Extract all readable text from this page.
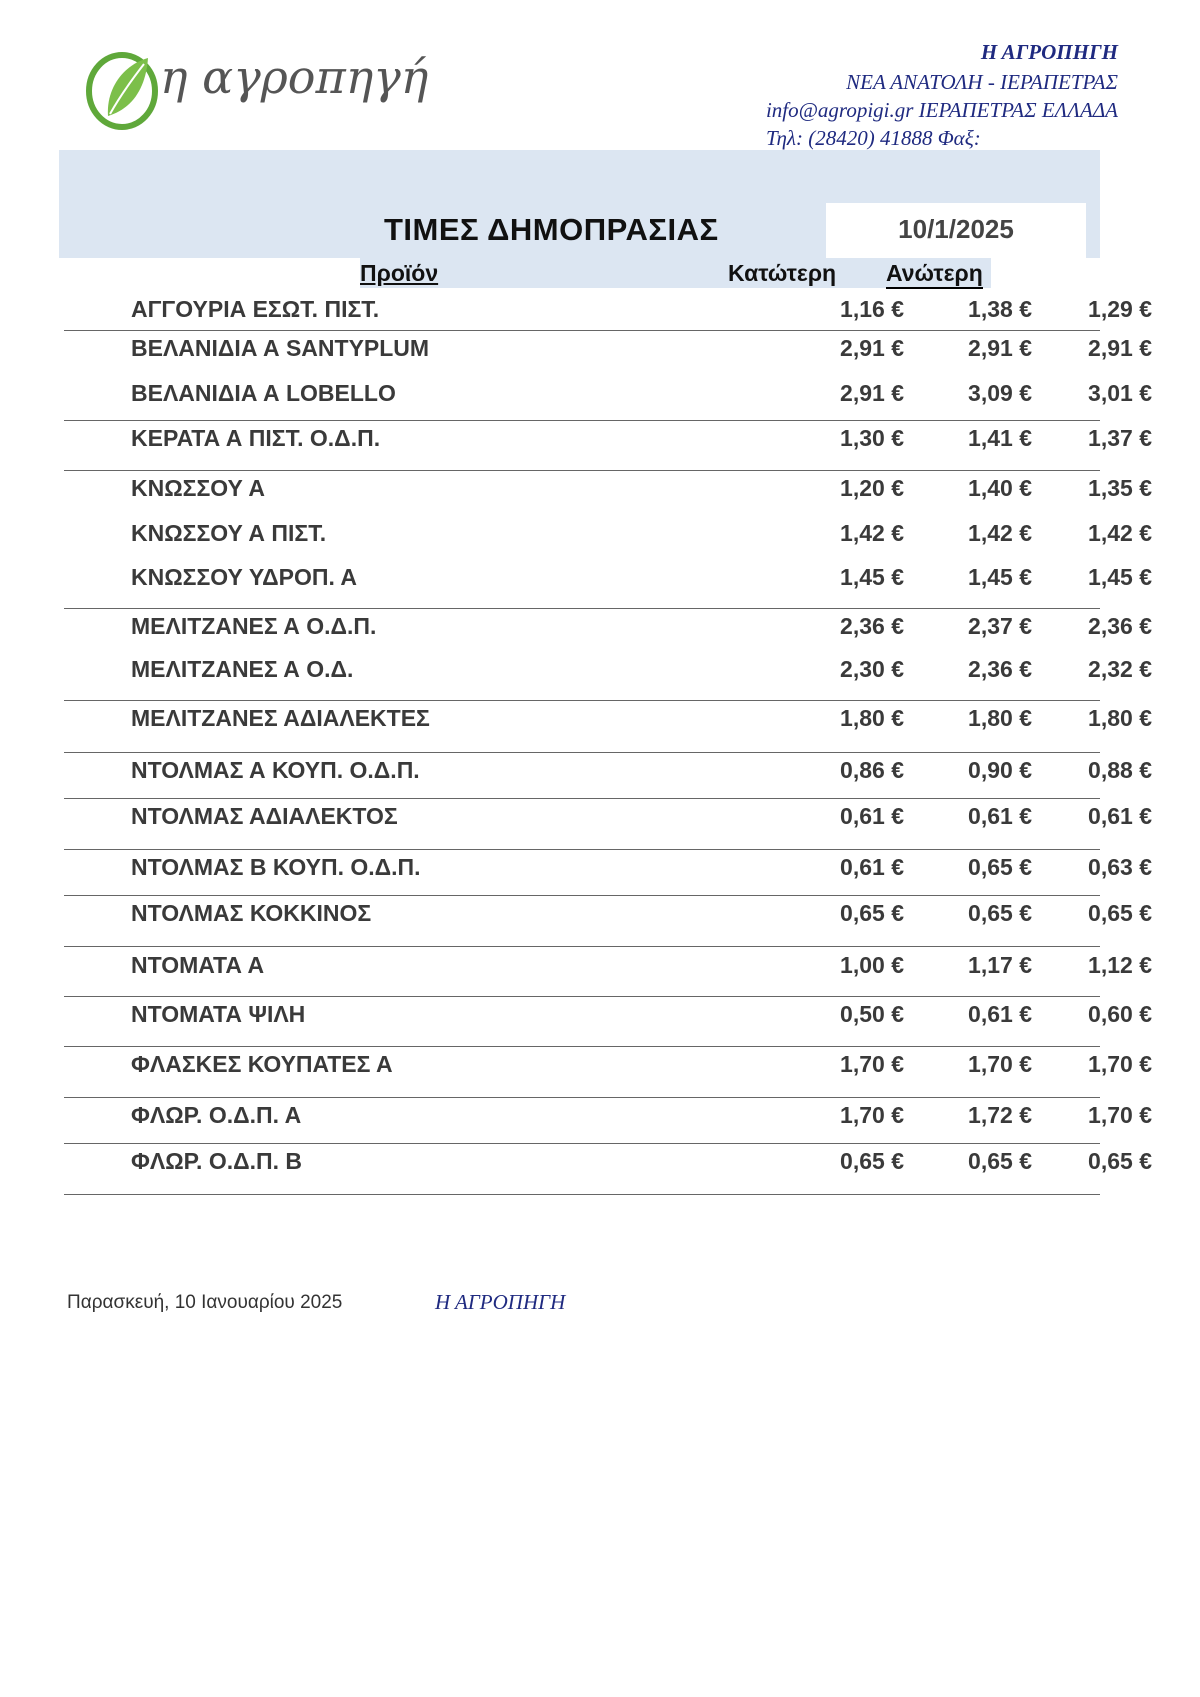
η αγροπηγή	Η ΑΓΡΟΠΗΓΗ
ΝΕΑ ΑΝΑΤΟΛΗ - ΙΕΡΑΠΕΤΡΑΣ
info@agropigi.gr ΙΕΡΑΠΕΤΡΑΣ ΕΛΛΑΔΑ
Τηλ: (28420) 41888 Φαξ:
10/1/2025
ΤΙΜΕΣ ΔΗΜΟΠΡΑΣΙΑΣ
Προϊόν	Κατώτερη Ανώτερη
ΑΓΓΟΥΡΙΑ ΕΣΩΤ. ΠΙΣΤ.	1,16 €	1,38 €	1,29 €
ΒΕΛΑΝΙΔΙΑ Α SANTYPLUM	2,91 €	2,91 €	2,91 €
ΒΕΛΑΝΙΔΙΑ Α LOBELLO	2,91 €	3,09 €	3,01 €
ΚΕΡΑΤΑ Α ΠΙΣΤ. Ο.Δ.Π.	1,30 €	1,41 €	1,37 €
ΚΝΩΣΣΟΥ Α	1,20 €	1,40 €	1,35 €
ΚΝΩΣΣΟΥ Α ΠΙΣΤ.	1,42 €	1,42 €	1,42 €
ΚΝΩΣΣΟΥ ΥΔΡΟΠ. Α	1,45 €	1,45 €	1,45 €
ΜΕΛΙΤΖΑΝΕΣ Α Ο.Δ.Π.	2,36 €	2,37 €	2,36 €
ΜΕΛΙΤΖΑΝΕΣ Α Ο.Δ.	2,30 €	2,36 €	2,32 €
ΜΕΛΙΤΖΑΝΕΣ ΑΔΙΑΛΕΚΤΕΣ	1,80 €	1,80 €	1,80 €
ΝΤΟΛΜΑΣ Α ΚΟΥΠ. Ο.Δ.Π.	0,86 €	0,90 €	0,88 €
ΝΤΟΛΜΑΣ ΑΔΙΑΛΕΚΤΟΣ	0,61 €	0,61 €	0,61 €
ΝΤΟΛΜΑΣ Β ΚΟΥΠ. Ο.Δ.Π.	0,61 €	0,65 €	0,63 €
ΝΤΟΛΜΑΣ ΚΟΚΚΙΝΟΣ	0,65 €	0,65 €	0,65 €
ΝΤΟΜΑΤΑ Α	1,00 €	1,17 €	1,12 €
ΝΤΟΜΑΤΑ ΨΙΛΗ	0,50 €	0,61 €	0,60 €
ΦΛΑΣΚΕΣ ΚΟΥΠΑΤΕΣ Α	1,70 €	1,70 €	1,70 €
ΦΛΩΡ. Ο.Δ.Π. Α	1,70 €	1,72 €	1,70 €
ΦΛΩΡ. Ο.Δ.Π. Β	0,65 €	0,65 €	0,65 €
Παρασκευή, 10 Ιανουαρίου 2025	Η ΑΓΡΟΠΗΓΗ
